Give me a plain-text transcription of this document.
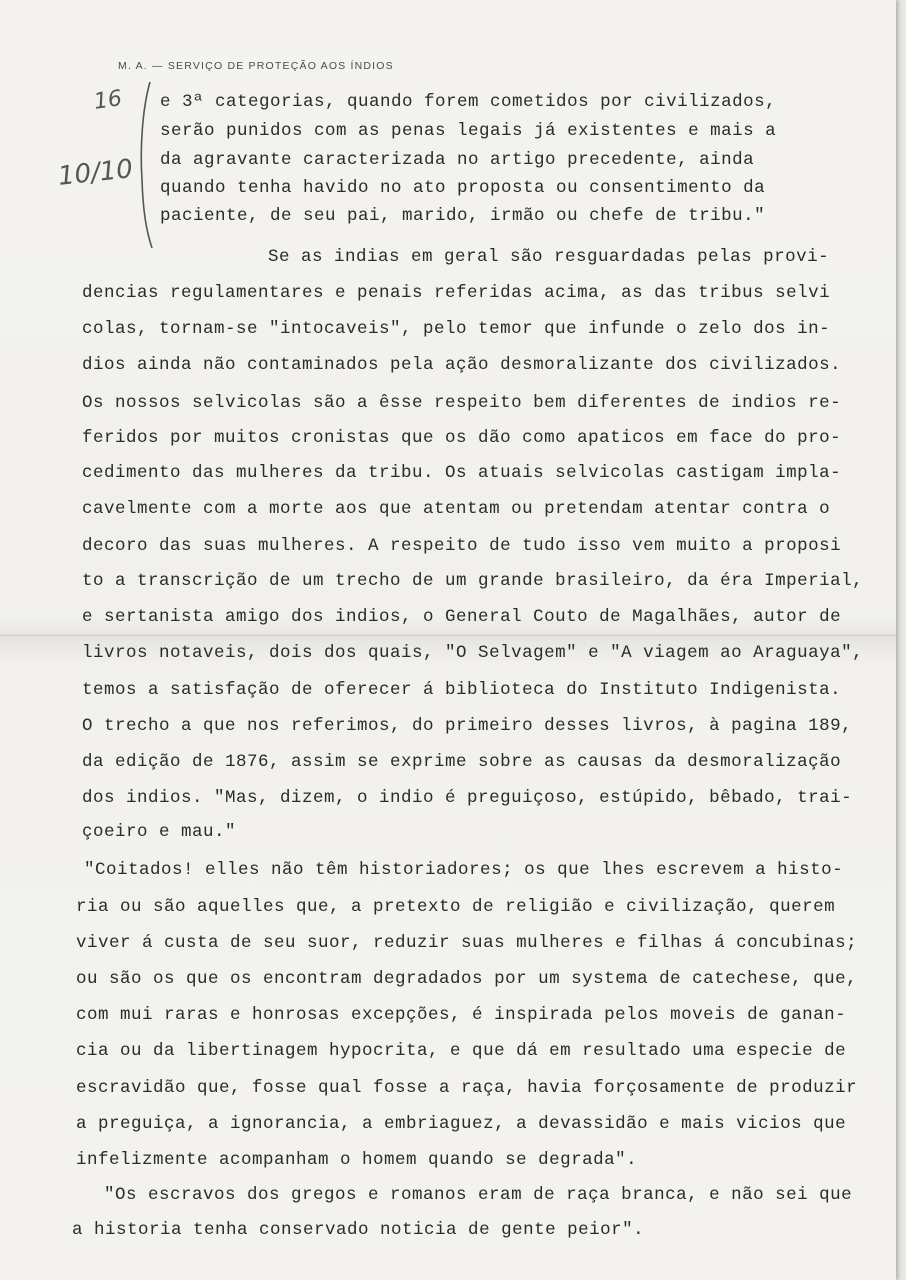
M. A. — SERVIÇO DE PROTEÇÃO AOS ÍNDIOS
16
10/10
e 3ª categorias, quando forem cometidos por civilizados,
serão punidos com as penas legais já existentes e mais a
da agravante caracterizada no artigo precedente, ainda
quando tenha havido no ato proposta ou consentimento da
paciente, de seu pai, marido, irmão ou chefe de tribu."
Se as indias em geral são resguardadas pelas provi-
dencias regulamentares e penais referidas acima, as das tribus selvi
colas, tornam-se "intocaveis", pelo temor que infunde o zelo dos in-
dios ainda não contaminados pela ação desmoralizante dos civilizados.
Os nossos selvicolas são a êsse respeito bem diferentes de indios re-
feridos por muitos cronistas que os dão como apaticos em face do pro-
cedimento das mulheres da tribu. Os atuais selvicolas castigam impla-
cavelmente com a morte aos que atentam ou pretendam atentar contra o
decoro das suas mulheres. A respeito de tudo isso vem muito a proposi
to a transcrição de um trecho de um grande brasileiro, da éra Imperial,
e sertanista amigo dos indios, o General Couto de Magalhães, autor de
livros notaveis, dois dos quais, "O Selvagem" e "A viagem ao Araguaya",
temos a satisfação de oferecer á biblioteca do Instituto Indigenista.
O trecho a que nos referimos, do primeiro desses livros, à pagina 189,
da edição de 1876, assim se exprime sobre as causas da desmoralização
dos indios. "Mas, dizem, o indio é preguiçoso, estúpido, bêbado, trai-
çoeiro e mau."
"Coitados! elles não têm historiadores; os que lhes escrevem a histo-
ria ou são aquelles que, a pretexto de religião e civilização, querem
viver á custa de seu suor, reduzir suas mulheres e filhas á concubinas;
ou são os que os encontram degradados por um systema de catechese, que,
com mui raras e honrosas excepções, é inspirada pelos moveis de ganan-
cia ou da libertinagem hypocrita, e que dá em resultado uma especie de
escravidão que, fosse qual fosse a raça, havia forçosamente de produzir
a preguiça, a ignorancia, a embriaguez, a devassidão e mais vicios que
infelizmente acompanham o homem quando se degrada".
"Os escravos dos gregos e romanos eram de raça branca, e não sei que
a historia tenha conservado noticia de gente peior".
